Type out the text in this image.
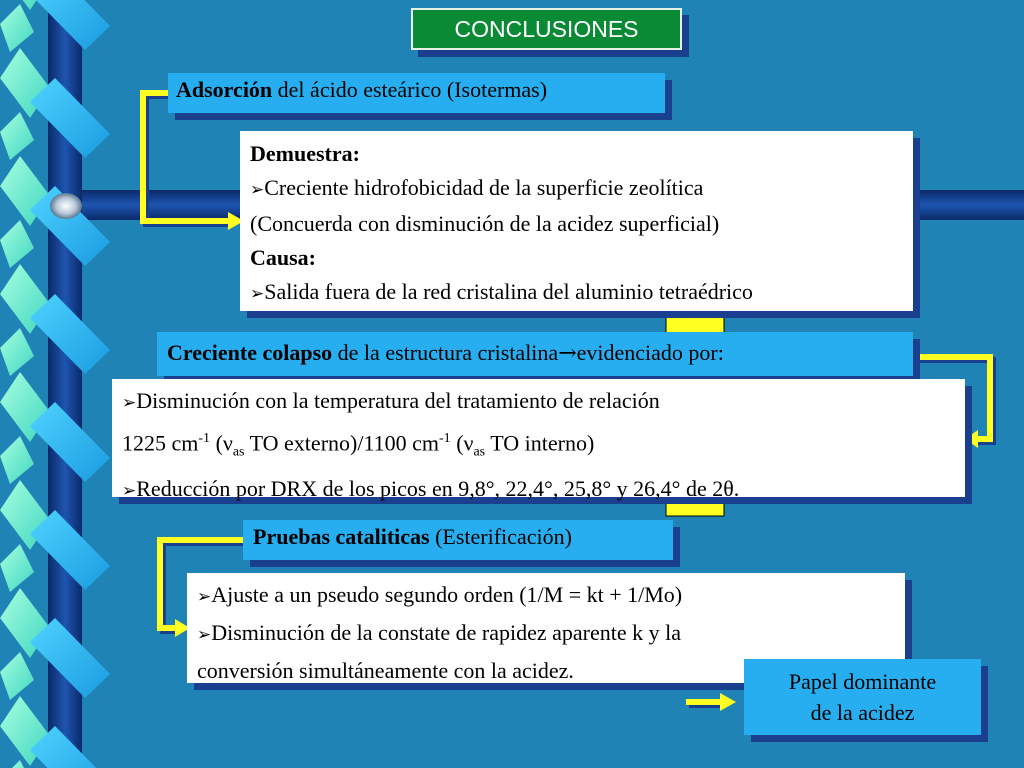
CONCLUSIONES
Adsorción del ácido esteárico (Isotermas)
Demuestra:
➢Creciente hidrofobicidad de la superficie zeolítica
(Concuerda con disminución de la acidez superficial)
Causa:
➢Salida fuera de la red cristalina del aluminio tetraédrico
Creciente colapso de la estructura cristalina→evidenciado por:
➢Disminución con la temperatura del tratamiento de relación
1225 $cm^{-1}$ ($\nu_{as}$ TO externo)/1100 $cm^{-1}$ ($\nu_{as}$ TO interno)
➢Reducción por DRX de los picos en 9,8°, 22,4°, 25,8° y 26,4° de 2θ.
Pruebas cataliticas (Esterificación)
➢Ajuste a un pseudo segundo orden (1/M = kt + 1/Mo)
➢Disminución de la constate de rapidez aparente k y la
conversión simultáneamente con la acidez.	Papel dominante
de la acidez
